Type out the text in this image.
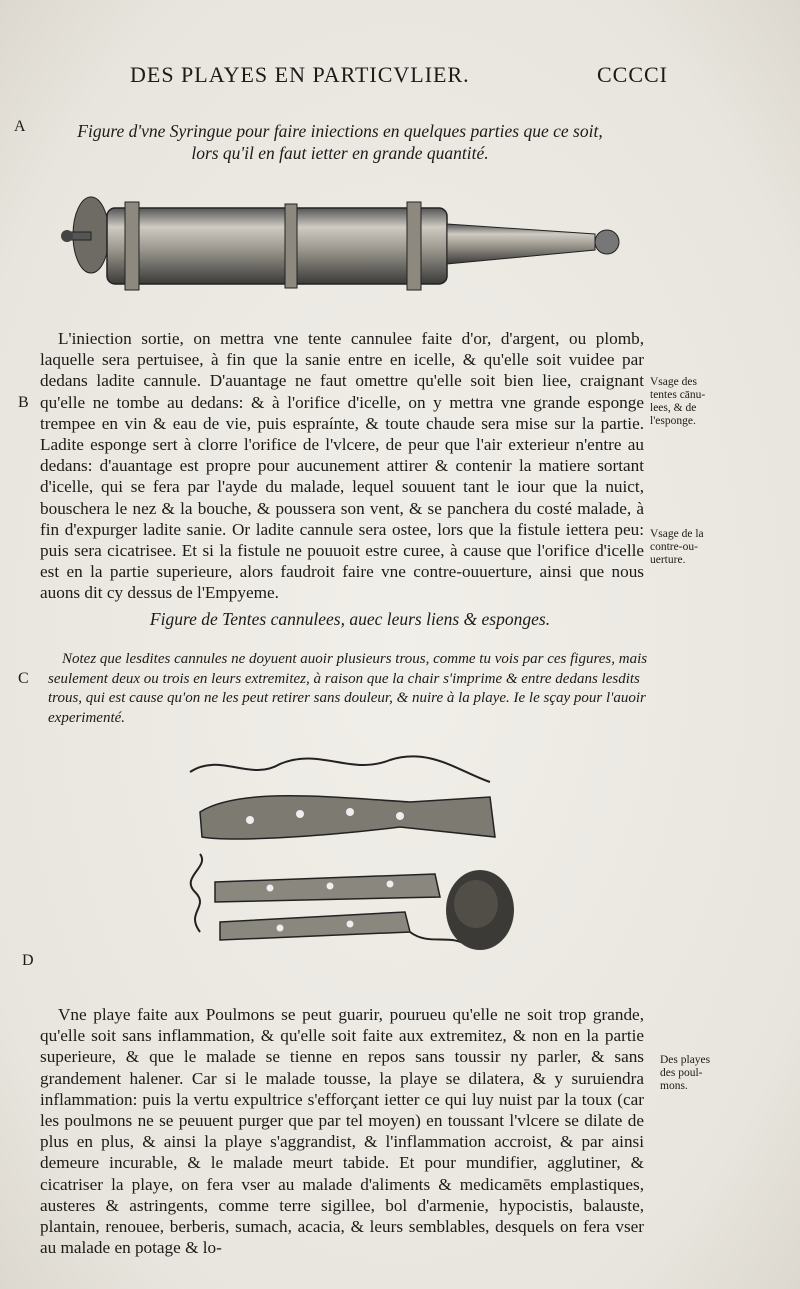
DES PLAYES EN PARTICVLIER.	CCCCI
A
B
C
D
Figure d'vne Syringue pour faire iniections en quelques parties que ce soit,
lors qu'il en faut ietter en grande quantité.

L'iniection sortie, on mettra vne tente cannulee faite d'or, d'argent, ou plomb, laquelle sera pertuisee, à fin que la sanie entre en icelle, & qu'elle soit vuidee par dedans ladite cannule. D'auantage ne faut omettre qu'elle soit bien liee, craignant qu'elle ne tombe au dedans: & à l'orifice d'icelle, on y mettra vne grande esponge trempee en vin & eau de vie, puis espraínte, & toute chaude sera mise sur la partie. Ladite esponge sert à clorre l'orifice de l'vlcere, de peur que l'air exterieur n'entre au dedans: d'auantage est propre pour aucunement attirer & contenir la matiere sortant d'icelle, qui se fera par l'ayde du malade, lequel souuent tant le iour que la nuict, bouschera le nez & la bouche, & poussera son vent, & se panchera du costé malade, à fin d'expurger ladite sanie. Or ladite cannule sera ostee, lors que la fistule iettera peu: puis sera cicatrisee. Et si la fistule ne pouuoit estre curee, à cause que l'orifice d'icelle est en la partie superieure, alors faudroit faire vne contre-ouuerture, ainsi que nous auons dit cy dessus de l'Empyeme.

Vsage des
tentes cānu-
lees, & de
l'esponge.
Vsage de la
contre-ou-
uerture.
Figure de Tentes cannulees, auec leurs liens & esponges.

Notez que lesdites cannules ne doyuent auoir plusieurs trous, comme tu vois par ces figures, mais seulement deux ou trois en leurs extremitez, à raison que la chair s'imprime & entre dedans lesdits trous, qui est cause qu'on ne les peut retirer sans douleur, & nuire à la playe. Ie le sçay pour l'auoir experimenté.

Vne playe faite aux Poulmons se peut guarir, pourueu qu'elle ne soit trop grande, qu'elle soit sans inflammation, & qu'elle soit faite aux extremitez, & non en la partie superieure, & que le malade se tienne en repos sans toussir ny parler, & sans grandement halener. Car si le malade tousse, la playe se dilatera, & y suruiendra inflammation: puis la vertu expultrice s'efforçant ietter ce qui luy nuist par la toux (car les poulmons ne se peuuent purger que par tel moyen) en toussant l'vlcere se dilate de plus en plus, & ainsi la playe s'aggrandist, & l'inflammation accroist, & par ainsi demeure incurable, & le malade meurt tabide. Et pour mundifier, agglutiner, & cicatriser la playe, on fera vser au malade d'aliments & medicamēts emplastiques, austeres & astringents, comme terre sigillee, bol d'armenie, hypocistis, balauste, plantain, renouee, berberis, sumach, acacia, & leurs semblables, desquels on fera vser au malade en potage & lo-

Des playes
des poul-
mons.
